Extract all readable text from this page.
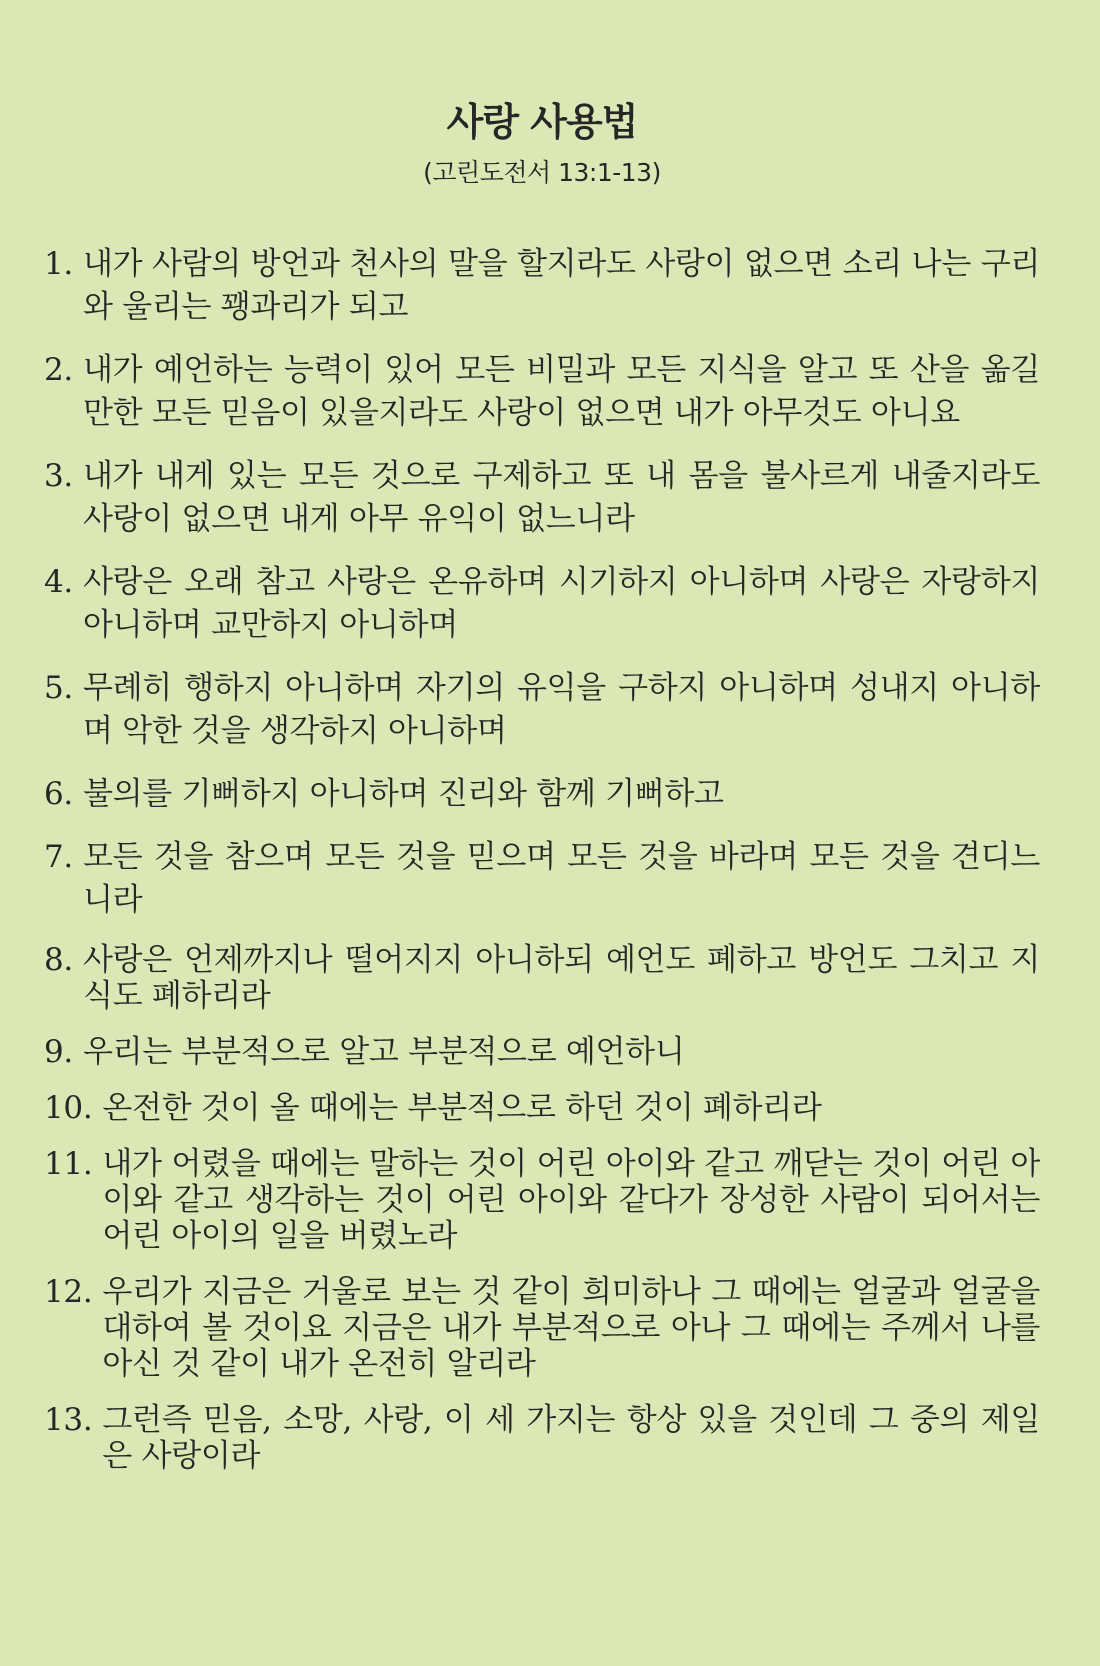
사랑 사용법
(고린도전서 13:1-13)
1. 내가 사람의 방언과 천사의 말을 할지라도 사랑이 없으면 소리 나는 구리와 울리는 꽹과리가 되고
2. 내가 예언하는 능력이 있어 모든 비밀과 모든 지식을 알고 또 산을 옮길 만한 모든 믿음이 있을지라도 사랑이 없으면 내가 아무것도 아니요
3. 내가 내게 있는 모든 것으로 구제하고 또 내 몸을 불사르게 내줄지라도 사랑이 없으면 내게 아무 유익이 없느니라
4. 사랑은 오래 참고 사랑은 온유하며 시기하지 아니하며 사랑은 자랑하지 아니하며 교만하지 아니하며
5. 무례히 행하지 아니하며 자기의 유익을 구하지 아니하며 성내지 아니하며 악한 것을 생각하지 아니하며
6. 불의를 기뻐하지 아니하며 진리와 함께 기뻐하고
7. 모든 것을 참으며 모든 것을 믿으며 모든 것을 바라며 모든 것을 견디느니라
8. 사랑은 언제까지나 떨어지지 아니하되 예언도 폐하고 방언도 그치고 지식도 폐하리라
9. 우리는 부분적으로 알고 부분적으로 예언하니
10. 온전한 것이 올 때에는 부분적으로 하던 것이 폐하리라
11. 내가 어렸을 때에는 말하는 것이 어린 아이와 같고 깨닫는 것이 어린 아이와 같고 생각하는 것이 어린 아이와 같다가 장성한 사람이 되어서는 어린 아이의 일을 버렸노라
12. 우리가 지금은 거울로 보는 것 같이 희미하나 그 때에는 얼굴과 얼굴을 대하여 볼 것이요 지금은 내가 부분적으로 아나 그 때에는 주께서 나를 아신 것 같이 내가 온전히 알리라
13. 그런즉 믿음, 소망, 사랑, 이 세 가지는 항상 있을 것인데 그 중의 제일은 사랑이라
